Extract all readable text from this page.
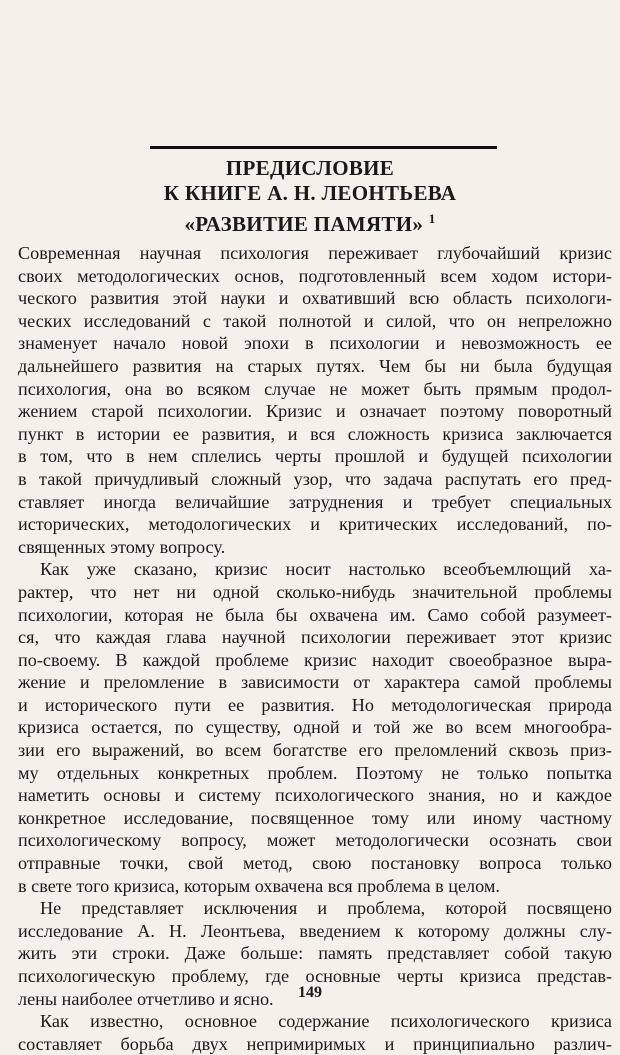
ПРЕДИСЛОВИЕ
К КНИГЕ А. Н. ЛЕОНТЬЕВА
«РАЗВИТИЕ ПАМЯТИ» $^1$
Современная научная психология переживает глубочайший кризис
своих методологических основ, подготовленный всем ходом истори-
ческого развития этой науки и охвативший всю область психологи-
ческих исследований с такой полнотой и силой, что он непреложно
знаменует начало новой эпохи в психологии и невозможность ее
дальнейшего развития на старых путях. Чем бы ни была будущая
психология, она во всяком случае не может быть прямым продол-
жением старой психологии. Кризис и означает поэтому поворотный
пункт в истории ее развития, и вся сложность кризиса заключается
в том, что в нем сплелись черты прошлой и будущей психологии
в такой причудливый сложный узор, что задача распутать его пред-
ставляет иногда величайшие затруднения и требует специальных
исторических, методологических и критических исследований, по-
священных этому вопросу.
Как уже сказано, кризис носит настолько всеобъемлющий ха-
рактер, что нет ни одной сколько-нибудь значительной проблемы
психологии, которая не была бы охвачена им. Само собой разумеет-
ся, что каждая глава научной психологии переживает этот кризис
по-своему. В каждой проблеме кризис находит своеобразное выра-
жение и преломление в зависимости от характера самой проблемы
и исторического пути ее развития. Но методологическая природа
кризиса остается, по существу, одной и той же во всем многообра-
зии его выражений, во всем богатстве его преломлений сквозь приз-
му отдельных конкретных проблем. Поэтому не только попытка
наметить основы и систему психологического знания, но и каждое
конкретное исследование, посвященное тому или иному частному
психологическому вопросу, может методологически осознать свои
отправные точки, свой метод, свою постановку вопроса только
в свете того кризиса, которым охвачена вся проблема в целом.
Не представляет исключения и проблема, которой посвящено
исследование А. Н. Леонтьева, введением к которому должны слу-
жить эти строки. Даже больше: память представляет собой такую
психологическую проблему, где основные черты кризиса представ-
лены наиболее отчетливо и ясно.
Как известно, основное содержание психологического кризиса
составляет борьба двух непримиримых и принципиально различ-
149
